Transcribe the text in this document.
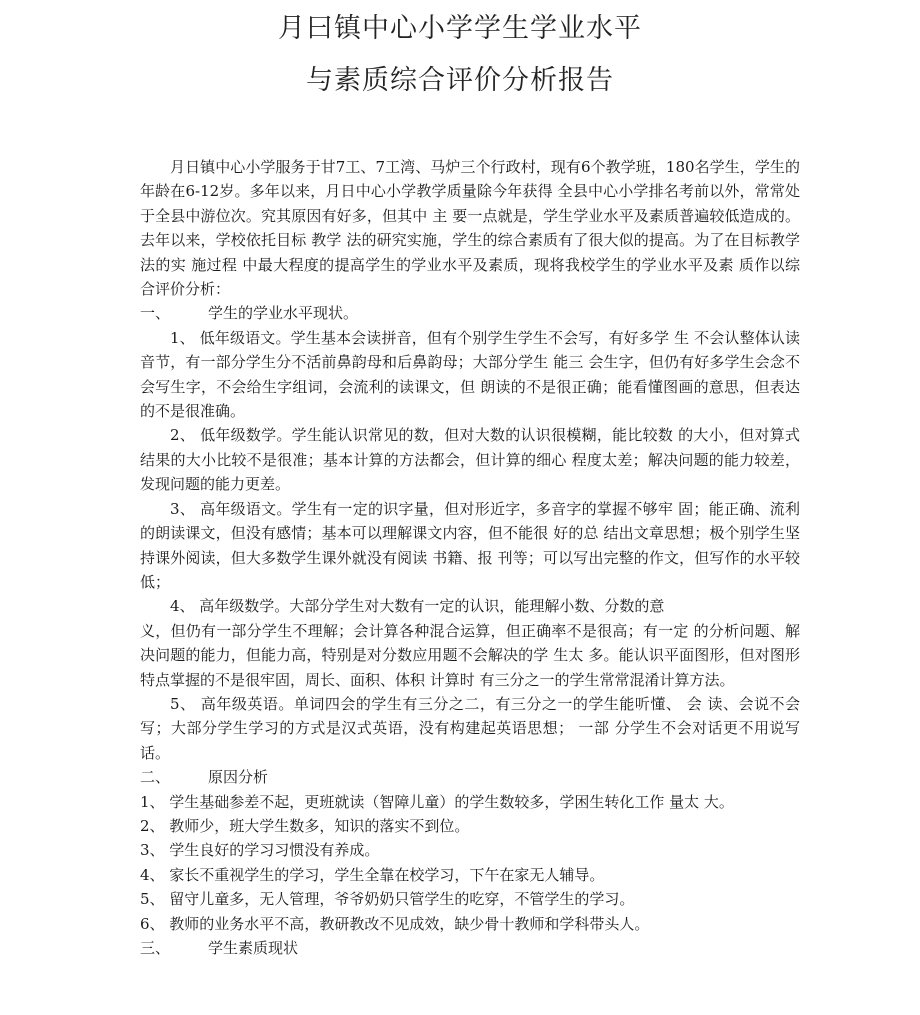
月曰镇中心小学学生学业水平
与素质综合评价分析报告

月日镇中心小学服务于甘7工、7工湾、马炉三个行政村，现有6个教学班，180名学生，学生的年龄在6-12岁。多年以来，月日中心小学教学质量除今年获得 全县中心小学排名考前以外，常常处于全县中游位次。究其原因有好多，但其中 主 要一点就是，学生学业水平及素质普遍较低造成的。去年以来，学校依托目标 教学 法的研究实施，学生的综合素质有了很大似的提高。为了在目标教学法的实 施过程 中最大程度的提高学生的学业水平及素质，现将我校学生的学业水平及素 质作以综 合评价分析：

一、	学生的学业水平现状。

1、 低年级语文。学生基本会读拼音，但有个别学生学生不会写，有好多学 生 不会认整体认读音节，有一部分学生分不活前鼻韵母和后鼻韵母；大部分学生 能三 会生字，但仍有好多学生会念不会写生字，不会给生字组词，会流利的读课文，但 朗读的不是很正确；能看懂图画的意思，但表达的不是很准确。

2、 低年级数学。学生能认识常见的数，但对大数的认识很模糊，能比较数 的大小，但对算式结果的大小比较不是很准；基本计算的方法都会，但计算的细心 程度太差；解决问题的能力较差，发现问题的能力更差。

3、 高年级语文。学生有一定的识字量，但对形近字，多音字的掌握不够牢 固；能正确、流利的朗读课文，但没有感情；基本可以理解课文内容，但不能很 好的总 结出文章思想；极个别学生坚持课外阅读，但大多数学生课外就没有阅读 书籍、报 刊等；可以写出完整的作文，但写作的水平较低；

4、 高年级数学。大部分学生对大数有一定的认识，能理解小数、分数的意

义，但仍有一部分学生不理解；会计算各种混合运算，但正确率不是很高；有一定 的分析问题、解决问题的能力，但能力高，特别是对分数应用题不会解决的学 生太 多。能认识平面图形，但对图形特点掌握的不是很牢固，周长、面积、体积 计算时 有三分之一的学生常常混淆计算方法。

5、 高年级英语。单词四会的学生有三分之二，有三分之一的学生能听懂、 会 读、会说不会写；大部分学生学习的方式是汉式英语，没有构建起英语思想； 一部 分学生不会对话更不用说写话。

二、	原因分析

1、 学生基础参差不起，更班就读（智障儿童）的学生数较多，学困生转化工作 量太 大。

2、 教师少，班大学生数多，知识的落实不到位。

3、 学生良好的学习习惯没有养成。

4、 家长不重视学生的学习，学生全靠在校学习，下午在家无人辅导。

5、 留守儿童多，无人管理，爷爷奶奶只管学生的吃穿，不管学生的学习。

6、 教师的业务水平不高，教研教改不见成效，缺少骨十教师和学科带头人。

三、	学生素质现状
